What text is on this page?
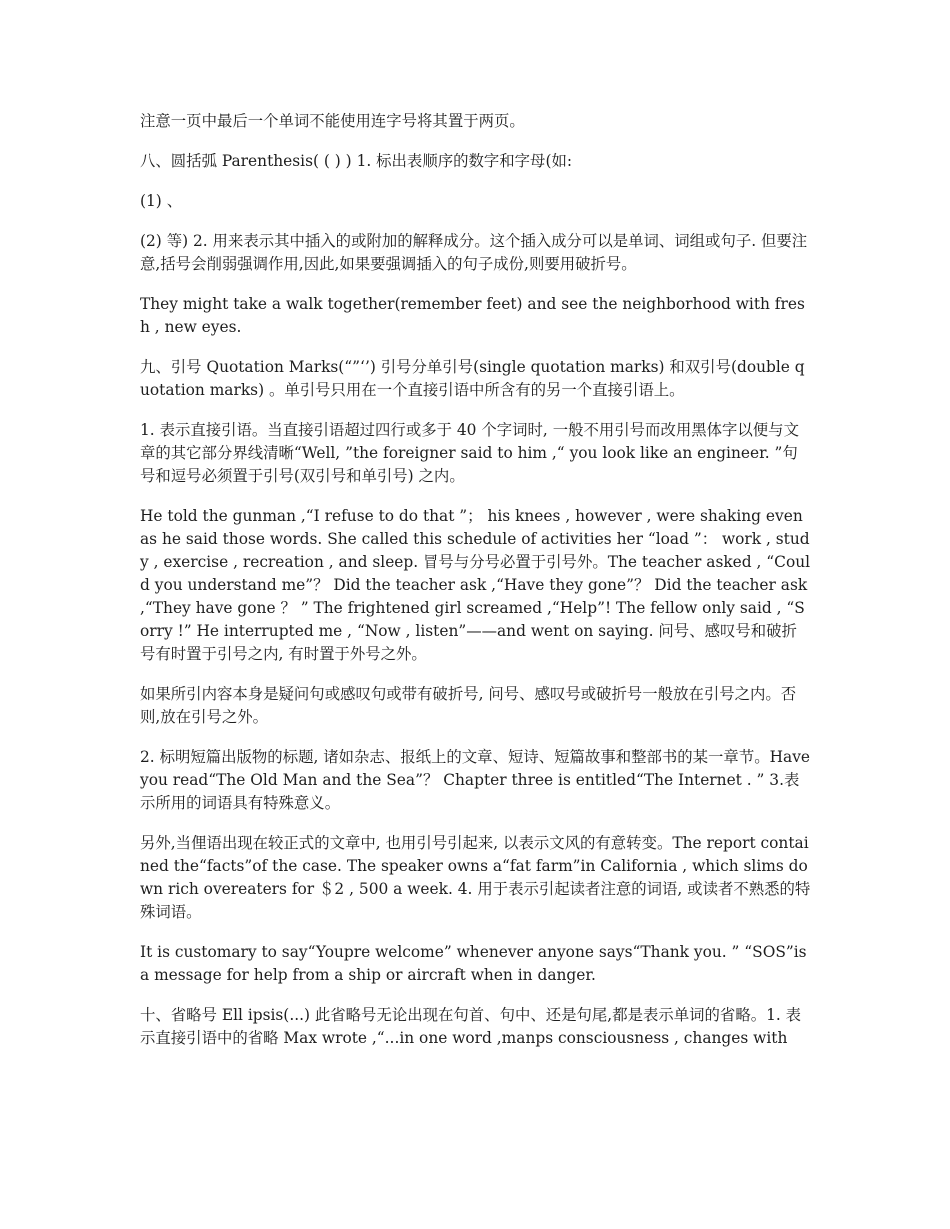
注意一页中最后一个单词不能使用连字号将其置于两页。

八、圆括弧 Parenthesis( ( ) ) 1. 标出表顺序的数字和字母(如:

(1) 、

(2) 等) 2. 用来表示其中插入的或附加的解释成分。这个插入成分可以是单词、词组或句子. 但要注意,括号会削弱强调作用,因此,如果要强调插入的句子成份,则要用破折号。

They might take a walk together(remember feet) and see the neighborhood with fresh , new eyes.

九、引号 Quotation Marks(“”‘’) 引号分单引号(single quotation marks) 和双引号(double quotation marks) 。单引号只用在一个直接引语中所含有的另一个直接引语上。

1. 表示直接引语。当直接引语超过四行或多于 40 个字词时, 一般不用引号而改用黑体字以便与文章的其它部分界线清晰“Well, ”the foreigner said to him ,“ you look like an engineer. ”句号和逗号必须置于引号(双引号和单引号) 之内。

He told the gunman ,“I refuse to do that ”； his knees , however , were shaking even as he said those words. She called this schedule of activities her “load ”： work , study , exercise , recreation , and sleep. 冒号与分号必置于引号外。The teacher asked , “Could you understand me”？ Did the teacher ask ,“Have they gone”？ Did the teacher ask ,“They have gone ？ ” The frightened girl screamed ,“Help”! The fellow only said , “Sorry !” He interrupted me , “Now , listen”——and went on saying. 问号、感叹号和破折号有时置于引号之内, 有时置于外号之外。

如果所引内容本身是疑问句或感叹句或带有破折号, 问号、感叹号或破折号一般放在引号之内。否则,放在引号之外。

2. 标明短篇出版物的标题, 诸如杂志、报纸上的文章、短诗、短篇故事和整部书的某一章节。Have you read“The Old Man and the Sea”？ Chapter three is entitled“The Internet . ” 3.表示所用的词语具有特殊意义。

另外,当俚语出现在较正式的文章中, 也用引号引起来, 以表示文风的有意转变。The report contained the“facts”of the case. The speaker owns a“fat farm”in California , which slims down rich overeaters for ＄2 , 500 a week. 4. 用于表示引起读者注意的词语, 或读者不熟悉的特殊词语。

It is customary to say“Youpre welcome” whenever anyone says“Thank you. ” “SOS”is a message for help from a ship or aircraft when in danger.

十、省略号 Ell ipsis(...) 此省略号无论出现在句首、句中、还是句尾,都是表示单词的省略。1. 表示直接引语中的省略 Max wrote ,“...in one word ,manps consciousness , changes with
